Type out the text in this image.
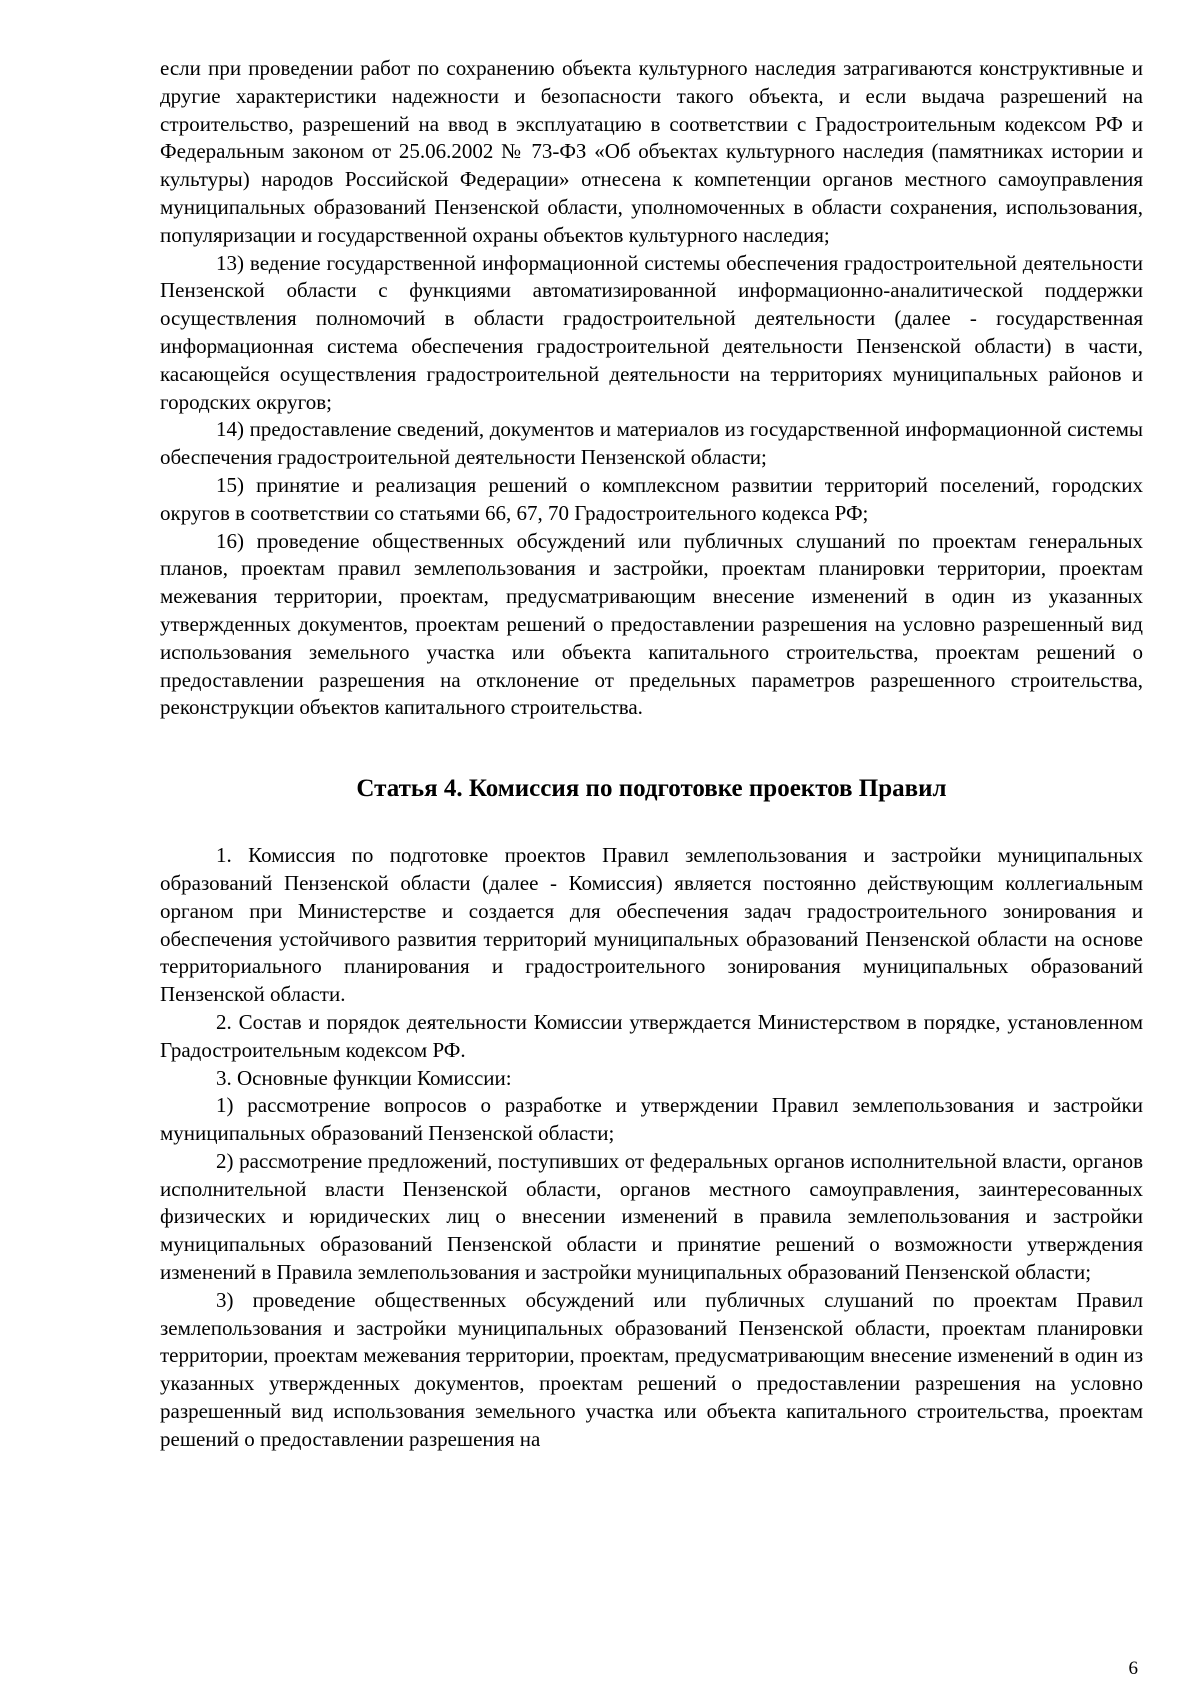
если при проведении работ по сохранению объекта культурного наследия затрагиваются конструктивные и другие характеристики надежности и безопасности такого объекта, и если выдача разрешений на строительство, разрешений на ввод в эксплуатацию в соответствии с Градостроительным кодексом РФ и Федеральным законом от 25.06.2002 № 73-ФЗ «Об объектах культурного наследия (памятниках истории и культуры) народов Российской Федерации» отнесена к компетенции органов местного самоуправления муниципальных образований Пензенской области, уполномоченных в области сохранения, использования, популяризации и государственной охраны объектов культурного наследия;

13) ведение государственной информационной системы обеспечения градостроительной деятельности Пензенской области с функциями автоматизированной информационно-аналитической поддержки осуществления полномочий в области градостроительной деятельности (далее - государственная информационная система обеспечения градостроительной деятельности Пензенской области) в части, касающейся осуществления градостроительной деятельности на территориях муниципальных районов и городских округов;

14) предоставление сведений, документов и материалов из государственной информационной системы обеспечения градостроительной деятельности Пензенской области;

15) принятие и реализация решений о комплексном развитии территорий поселений, городских округов в соответствии со статьями 66, 67, 70 Градостроительного кодекса РФ;

16) проведение общественных обсуждений или публичных слушаний по проектам генеральных планов, проектам правил землепользования и застройки, проектам планировки территории, проектам межевания территории, проектам, предусматривающим внесение изменений в один из указанных утвержденных документов, проектам решений о предоставлении разрешения на условно разрешенный вид использования земельного участка или объекта капитального строительства, проектам решений о предоставлении разрешения на отклонение от предельных параметров разрешенного строительства, реконструкции объектов капитального строительства.

Статья 4. Комиссия по подготовке проектов Правил

1. Комиссия по подготовке проектов Правил землепользования и застройки муниципальных образований Пензенской области (далее - Комиссия) является постоянно действующим коллегиальным органом при Министерстве и создается для обеспечения задач градостроительного зонирования и обеспечения устойчивого развития территорий муниципальных образований Пензенской области на основе территориального планирования и градостроительного зонирования муниципальных образований Пензенской области.

2. Состав и порядок деятельности Комиссии утверждается Министерством в порядке, установленном Градостроительным кодексом РФ.

3. Основные функции Комиссии:

1) рассмотрение вопросов о разработке и утверждении Правил землепользования и застройки муниципальных образований Пензенской области;

2) рассмотрение предложений, поступивших от федеральных органов исполнительной власти, органов исполнительной власти Пензенской области, органов местного самоуправления, заинтересованных физических и юридических лиц о внесении изменений в правила землепользования и застройки муниципальных образований Пензенской области и принятие решений о возможности утверждения изменений в Правила землепользования и застройки муниципальных образований Пензенской области;

3) проведение общественных обсуждений или публичных слушаний по проектам Правил землепользования и застройки муниципальных образований Пензенской области, проектам планировки территории, проектам межевания территории, проектам, предусматривающим внесение изменений в один из указанных утвержденных документов, проектам решений о предоставлении разрешения на условно разрешенный вид использования земельного участка или объекта капитального строительства, проектам решений о предоставлении разрешения на

6
